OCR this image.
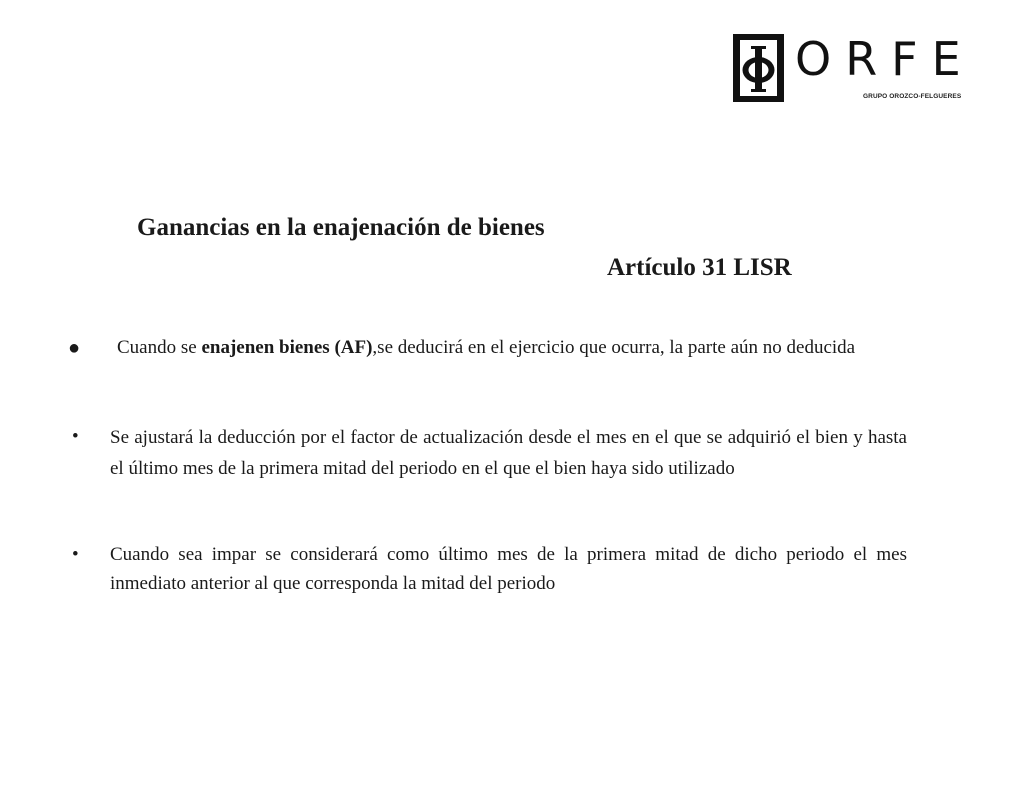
ORFE
GRUPO OROZCO-FELGUERES
Ganancias en la enajenación de bienes
Artículo 31 LISR
● Cuando se enajenen bienes (AF),se deducirá en el ejercicio que ocurra, la parte aún no deducida
• Se ajustará la deducción por el factor de actualización desde el mes en el que se adquirió el bien y hasta el último mes de la primera mitad del periodo en el que el bien haya sido utilizado
• Cuando sea impar se considerará como último mes de la primera mitad de dicho periodo el mes inmediato anterior al que corresponda la mitad del periodo
